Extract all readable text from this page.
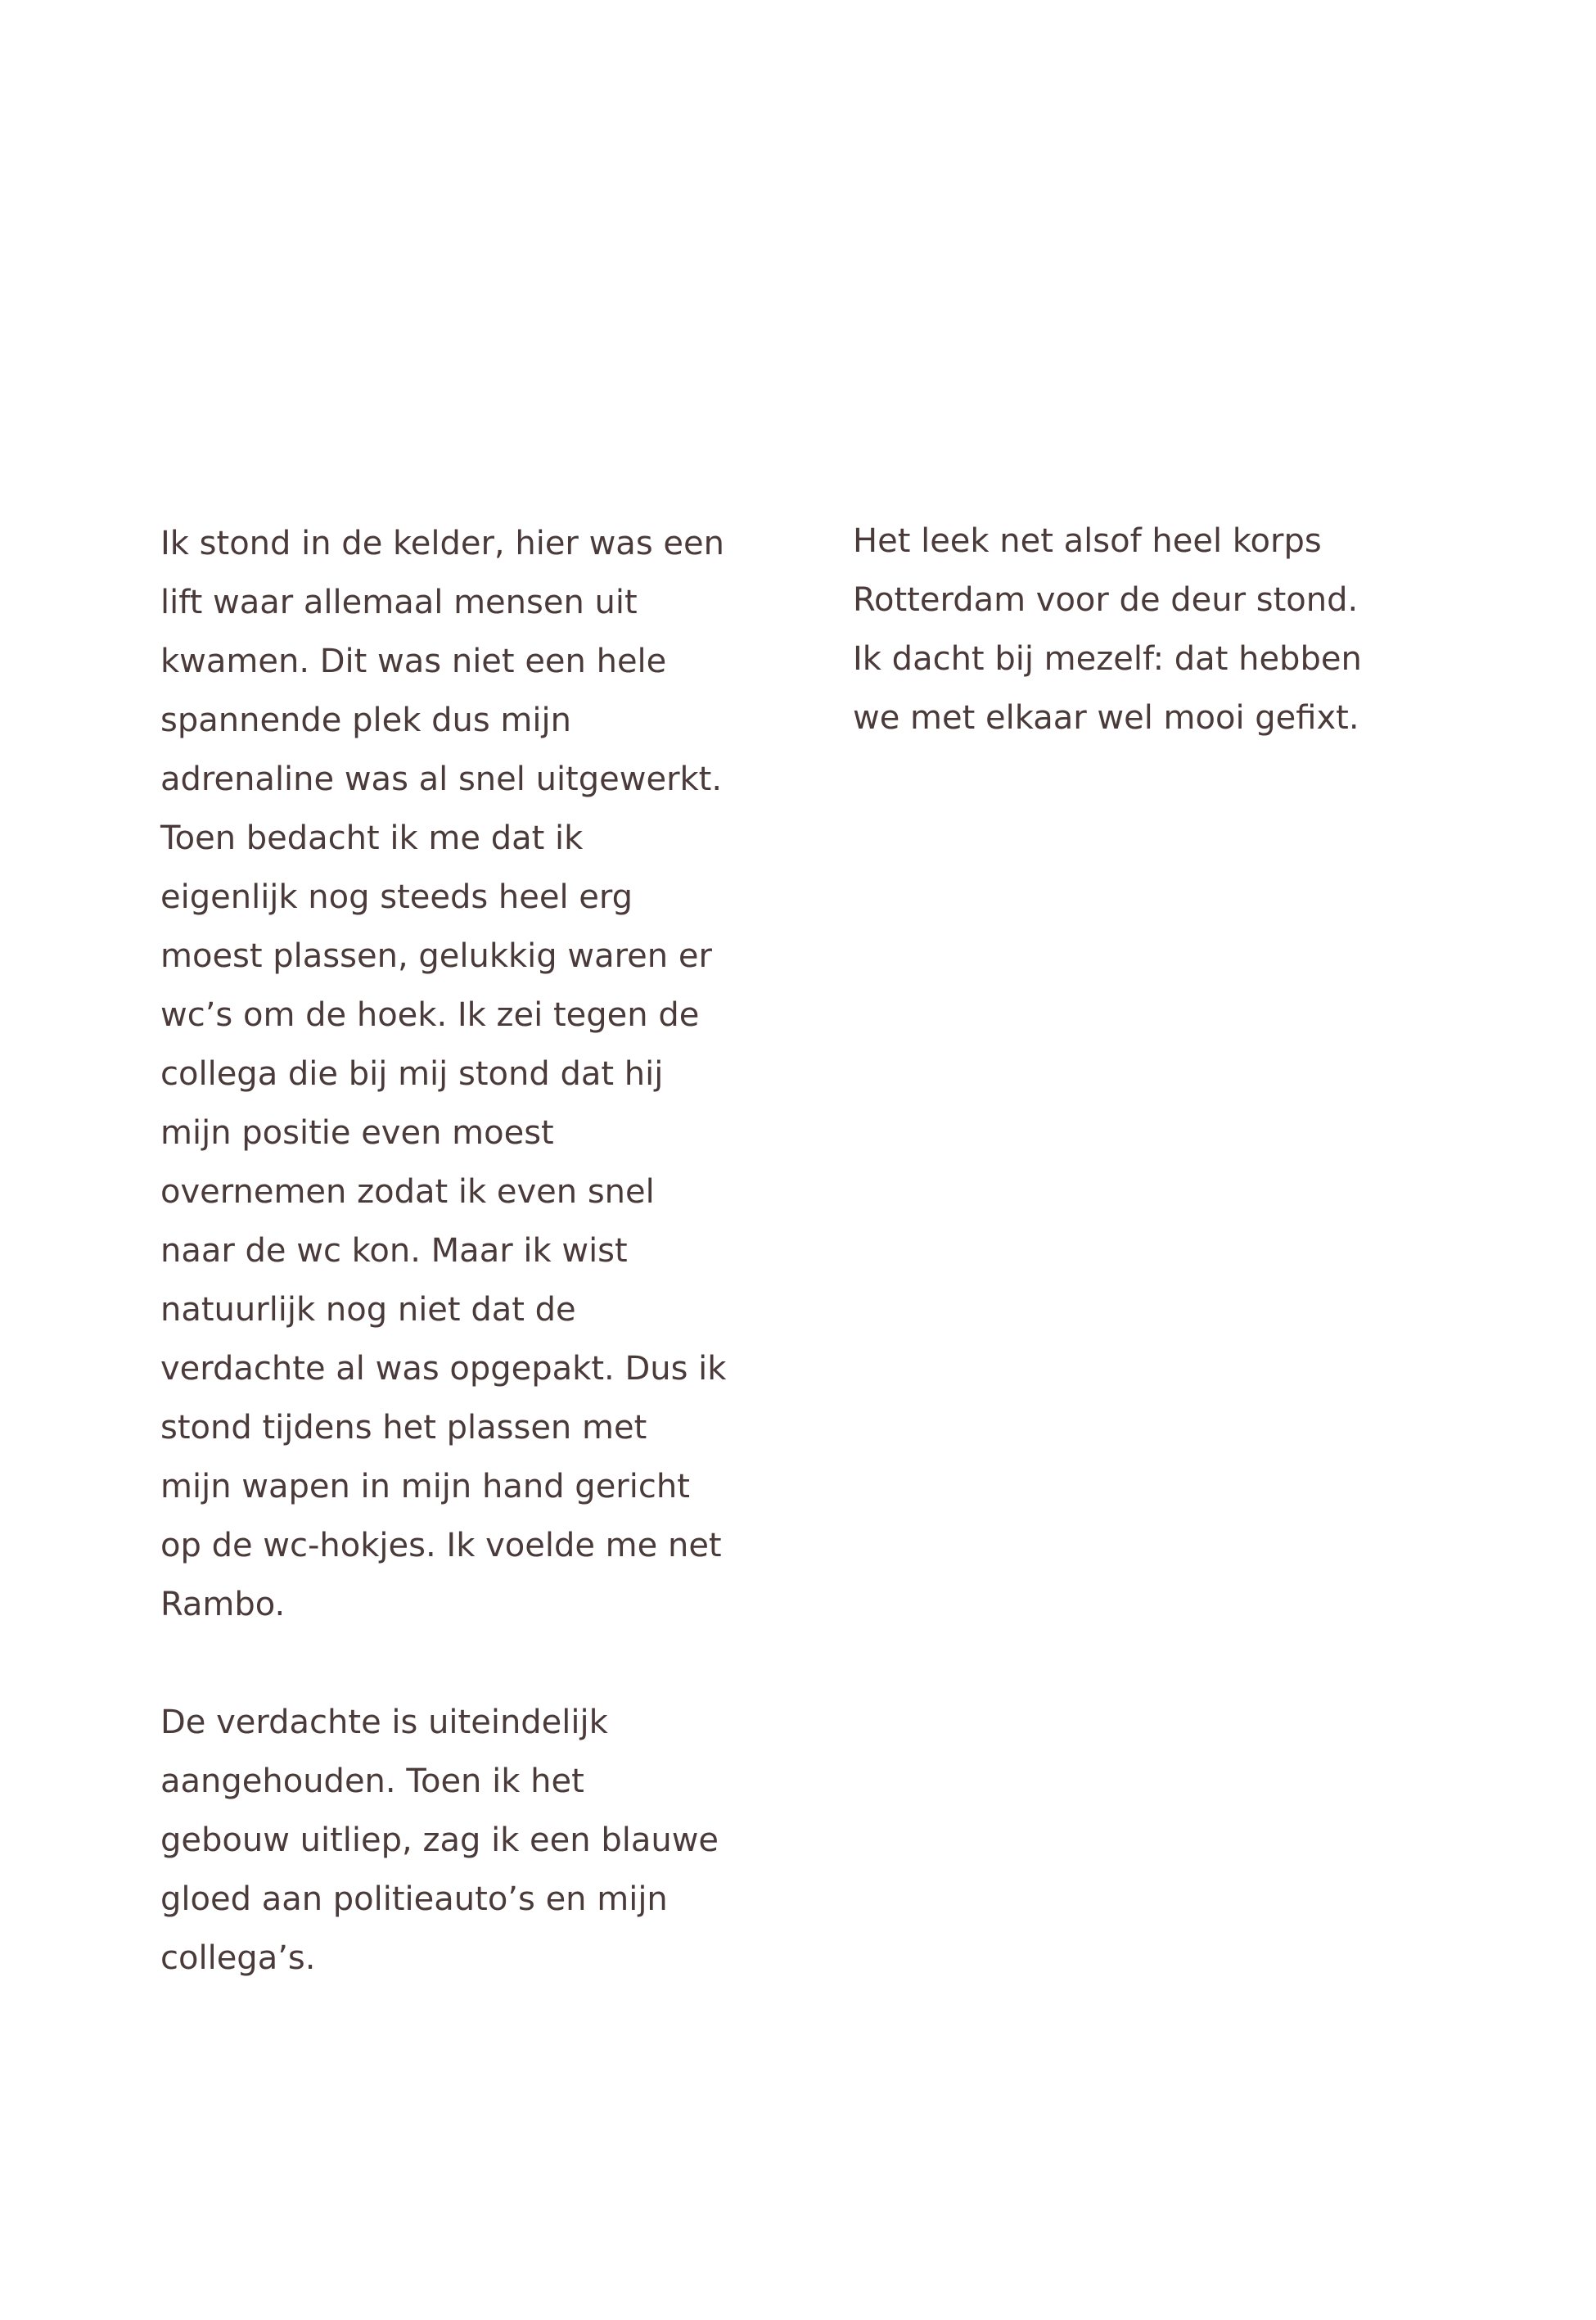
Ik stond in de kelder, hier was een
lift waar allemaal mensen uit
kwamen. Dit was niet een hele
spannende plek dus mijn
adrenaline was al snel uitgewerkt.
Toen bedacht ik me dat ik
eigenlijk nog steeds heel erg
moest plassen, gelukkig waren er
wc’s om de hoek. Ik zei tegen de
collega die bij mij stond dat hij
mijn positie even moest
overnemen zodat ik even snel
naar de wc kon. Maar ik wist
natuurlijk nog niet dat de
verdachte al was opgepakt. Dus ik
stond tijdens het plassen met
mijn wapen in mijn hand gericht
op de wc-hokjes. Ik voelde me net
Rambo.

De verdachte is uiteindelijk
aangehouden. Toen ik het
gebouw uitliep, zag ik een blauwe
gloed aan politieauto’s en mijn
collega’s.

Het leek net alsof heel korps
Rotterdam voor de deur stond.
Ik dacht bij mezelf: dat hebben
we met elkaar wel mooi gefixt.
